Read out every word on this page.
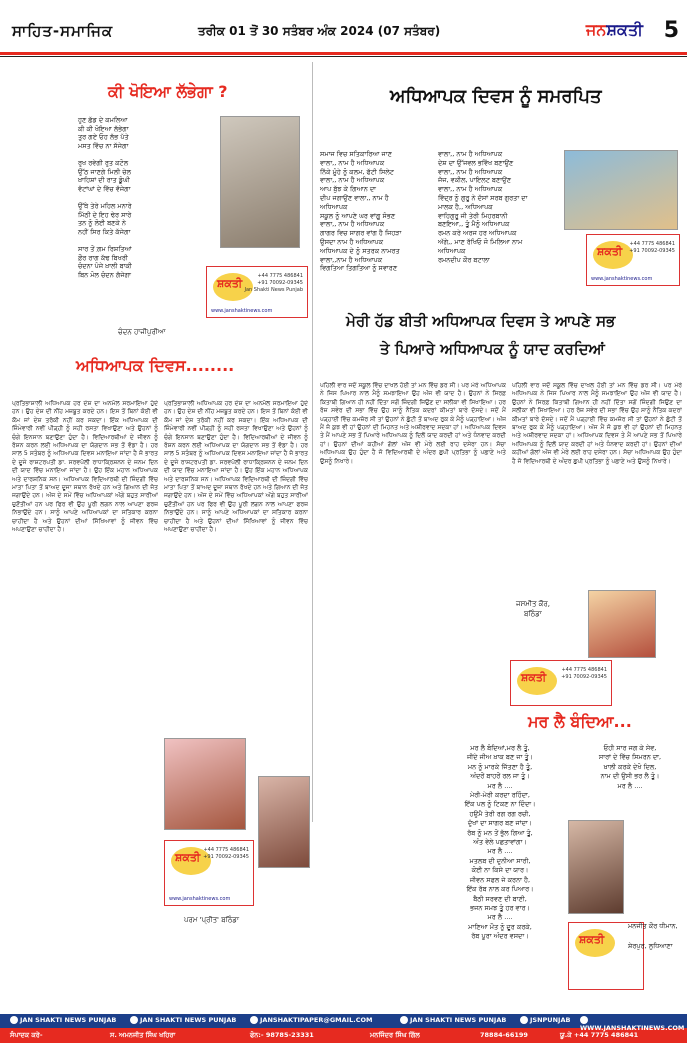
ਸਾਹਿਤ-ਸਮਾਜਿਕ	ਤਰੀਕ 01 ਤੋਂ 30 ਸਤੰਬਰ ਅੰਕ 2024 (07 ਸਤੰਬਰ)	ਜਨਸ਼ਕਤੀ 5
ਕੀ ਖੋਇਆ ਲੱਭੇਗਾ ?
ਹੁਣ ਛੱਡ ਦੇ ਕਮਲਿਆ
ਕੀ ਕੀ ਖੋਇਆ ਲੱਭੇਗਾ
ਤੁਰ ਗਏ ਓਹ ਲੱਭ ਪੱਤੇ
ਮਸਤ ਵਿੱਚ ਨਾ ਸੱਜੇਗਾ

ਰੁਖ ਰਵੇਗੀ ਰੁਤ ਕਟੋਲ
ਉੱਠ ਜਾਣਗੇ ਮਿਲੀ ਚੇਲ
ਖ਼ਾਹਿਸ਼ਾਂ ਦੀ ਰਾਤ ਡੂੰਘੀ
ਵੱਟਾਂਘਾਂ ਦੇ ਵਿੱਚ ਵੱਜੇਗਾ

ਉੱਥੇ ਤੇਰੇ ਮਹਿਲ ਮਨਾਰੇ
ਮਿੱਠੀ ਦੇ ਇਹ ਢੇਰ ਸਾਰੇ
ਤਨ ਨੂੰ ਲੋਈ ਬਣਕੇ ਨੇ
ਨਹੀਂ ਸਿਰ ਕਿਤੇ ਕੱਜੇਗਾ

ਸਾਰ ਤੋਂ ਗ਼ਮ ਰਿਸ਼ਤਿਆਂ
ਫ਼ੌਰ ਰਾਗ ਕੱਢ ਬਿਖਰੀ
ਚੰਦਨਾ ਪੰਜੇ ਖ਼ਾਲੀ ਬਾਕੀ
ਬਿਨ ਮੋਲ ਚੰਦਨ ਗੱਜੇਗਾ
ਸ਼ਕਤੀ
+44 7775 486841
+91 70092-09345
Jan Shakti News Punjab
www.janshaktinews.com
ਚੰਦਨ ਹਾਜੀਪੁਰੀਆ
ਅਧਿਆਪਕ ਦਿਵਸ ਨੂੰ ਸਮਰਪਿਤ
ਸਮਾਜ ਵਿਚ ਸਤਿਕਾਰਿਆ ਜਾਣ
ਵਾਲਾ,, ਨਾਮ ਹੈ ਅਧਿਆਪਕ
ਨਿੱਕੇ ਮੂੰਹੇ ਨੂੰ ਕਲਮ, ਫੱਟੀ ਸਿਲੇਟ
ਵਾਲਾ,, ਨਾਮ ਹੈ ਅਧਿਆਪਕ
ਆਪ ਬੁੱਝ ਕੇ ਗਿਆਨ ਦਾ
ਦੀਪ ਜਗਾਉਂਣ ਵਾਲਾ,, ਨਾਮ ਹੈ
ਅਧਿਆਪਕ
ਸਕੂਲ ਨੂੰ ਆਪਣੇ ਘਰ ਵਾਂਗੂ ਸੰਭਣ
ਵਾਲਾ,, ਨਾਮ ਹੈ ਅਧਿਆਪਕ
ਗਾਗਰ ਵਿਚ ਸਾਗਰ ਵਾਂਗ ਹੈ ਜਿਹੜਾ
ਉਸਦਾ ਨਾਮ ਹੈ ਅਧਿਆਪਕ
ਅਧਿਆਪਕ ਦੇ ਨੂੰ ਸਤਰਕ ਨਾਮਰਤ
ਵਾਲਾ,,ਨਾਮ ਹੈ ਅਧਿਆਪਕ
ਵਿਗਤਿਆ ਤਿਗਤਿਆ ਨੂੰ ਸਵਾਰਣ
ਵਾਲਾ,, ਨਾਮ ਹੈ ਅਧਿਆਪਕ
ਦੇਸ਼ ਦਾ ਉੱਜਵਲ ਭਵਿੱਖ ਬਣਾਉਂਣ
ਵਾਲਾ,, ਨਾਮ ਹੈ ਅਧਿਆਪਕ
ਜੱਜ, ਵਕੀਲ, ਪਾਇਲਟ ਬਣਾਉਂਣ
ਵਾਲਾ,, ਨਾਮ ਹੈ ਅਧਿਆਪਕ
ਵਿੱਦ੍ਰ ਨੂੰ ਗੁਰੂ ਨੇ ਦੱਸਾਂ ਸਰਬ ਗੁਰਤਾ ਦਾ
ਮਾਲਕ ਹੈ,, ਅਧਿਆਪਕ
ਵਾਹਿਗੁਰੂ ਜੀ ਤੇਰੀ ਮਿਹਰਬਾਨੀ
ਬਣਇਆ,, ਤੂੰ ਮੈਨੂੰ ਅਧਿਆਪਕ
ਰਮਨ ਕਰੇ ਅਰਜ ਹਰ ਅਧਿਆਪਕ
ਅੱਗੇ,, ਮਾਣ ਰੱਖਿਓ ਜੋ ਮਿਲਿਆ ਨਾਮ
ਅਧਿਆਪਕ
ਰਮਨਦੀਪ ਕੌਰ ਬਟਾਲਾ
ਸ਼ਕਤੀ
+44 7775 486841
+91 70092-09345
www.janshaktinews.com
ਅਧਿਆਪਕ ਦਿਵਸ........
ਪ੍ਰਤਿਭਾਸ਼ਾਲੀ ਅਧਿਆਪਕ ਹਰ ਦੇਸ਼ ਦਾ ਅਨਮੋਲ ਸਰਮਾਇਆ ਹੁੰਦੇ ਹਨ। ਉਹ ਦੇਸ਼ ਦੀ ਨੀਂਹ ਮਜ਼ਬੂਤ ਕਰਦੇ ਹਨ। ਇਸ ਤੋਂ ਬਿਨਾਂ ਕੋਈ ਵੀ ਕੌਮ ਜਾਂ ਦੇਸ਼ ਤਰੱਕੀ ਨਹੀਂ ਕਰ ਸਕਦਾ। ਇੱਕ ਅਧਿਆਪਕ ਦੀ ਜ਼ਿੰਮੇਵਾਰੀ ਨਵੀਂ ਪੀੜ੍ਹੀ ਨੂੰ ਸਹੀ ਰਸਤਾ ਵਿਖਾਉਣਾ ਅਤੇ ਉਹਨਾਂ ਨੂੰ ਚੰਗੇ ਇਨਸਾਨ ਬਣਾਉਣਾ ਹੁੰਦਾ ਹੈ। ਵਿਦਿਆਰਥੀਆਂ ਦੇ ਜੀਵਨ ਨੂੰ ਰੋਸ਼ਨ ਕਰਨ ਲਈ ਅਧਿਆਪਕ ਦਾ ਯੋਗਦਾਨ ਸਭ ਤੋਂ ਵੱਡਾ ਹੈ। ਹਰ ਸਾਲ 5 ਸਤੰਬਰ ਨੂੰ ਅਧਿਆਪਕ ਦਿਵਸ ਮਨਾਇਆ ਜਾਂਦਾ ਹੈ ਜੋ ਭਾਰਤ ਦੇ ਦੂਜੇ ਰਾਸ਼ਟਰਪਤੀ ਡਾ. ਸਰਵਪੱਲੀ ਰਾਧਾਕ੍ਰਿਸ਼ਨਨ ਦੇ ਜਨਮ ਦਿਨ ਦੀ ਯਾਦ ਵਿੱਚ ਮਨਾਇਆ ਜਾਂਦਾ ਹੈ। ਉਹ ਇੱਕ ਮਹਾਨ ਅਧਿਆਪਕ ਅਤੇ ਦਾਰਸ਼ਨਿਕ ਸਨ। ਅਧਿਆਪਕ ਵਿਦਿਆਰਥੀ ਦੀ ਜ਼ਿੰਦਗੀ ਵਿੱਚ ਮਾਤਾ ਪਿਤਾ ਤੋਂ ਬਾਅਦ ਦੂਜਾ ਸਥਾਨ ਰੱਖਦੇ ਹਨ ਅਤੇ ਗਿਆਨ ਦੀ ਜੋਤ ਜਗਾਉਂਦੇ ਹਨ। ਅੱਜ ਦੇ ਸਮੇਂ ਵਿੱਚ ਅਧਿਆਪਕਾਂ ਅੱਗੇ ਬਹੁਤ ਸਾਰੀਆਂ ਚੁਣੌਤੀਆਂ ਹਨ ਪਰ ਫਿਰ ਵੀ ਉਹ ਪੂਰੀ ਲਗਨ ਨਾਲ ਆਪਣਾ ਫਰਜ਼ ਨਿਭਾਉਂਦੇ ਹਨ। ਸਾਨੂੰ ਆਪਣੇ ਅਧਿਆਪਕਾਂ ਦਾ ਸਤਿਕਾਰ ਕਰਨਾ ਚਾਹੀਦਾ ਹੈ ਅਤੇ ਉਹਨਾਂ ਦੀਆਂ ਸਿੱਖਿਆਵਾਂ ਨੂੰ ਜੀਵਨ ਵਿੱਚ ਅਪਣਾਉਣਾ ਚਾਹੀਦਾ ਹੈ।
ਪ੍ਰਤਿਭਾਸ਼ਾਲੀ ਅਧਿਆਪਕ ਹਰ ਦੇਸ਼ ਦਾ ਅਨਮੋਲ ਸਰਮਾਇਆ ਹੁੰਦੇ ਹਨ। ਉਹ ਦੇਸ਼ ਦੀ ਨੀਂਹ ਮਜ਼ਬੂਤ ਕਰਦੇ ਹਨ। ਇਸ ਤੋਂ ਬਿਨਾਂ ਕੋਈ ਵੀ ਕੌਮ ਜਾਂ ਦੇਸ਼ ਤਰੱਕੀ ਨਹੀਂ ਕਰ ਸਕਦਾ। ਇੱਕ ਅਧਿਆਪਕ ਦੀ ਜ਼ਿੰਮੇਵਾਰੀ ਨਵੀਂ ਪੀੜ੍ਹੀ ਨੂੰ ਸਹੀ ਰਸਤਾ ਵਿਖਾਉਣਾ ਅਤੇ ਉਹਨਾਂ ਨੂੰ ਚੰਗੇ ਇਨਸਾਨ ਬਣਾਉਣਾ ਹੁੰਦਾ ਹੈ। ਵਿਦਿਆਰਥੀਆਂ ਦੇ ਜੀਵਨ ਨੂੰ ਰੋਸ਼ਨ ਕਰਨ ਲਈ ਅਧਿਆਪਕ ਦਾ ਯੋਗਦਾਨ ਸਭ ਤੋਂ ਵੱਡਾ ਹੈ। ਹਰ ਸਾਲ 5 ਸਤੰਬਰ ਨੂੰ ਅਧਿਆਪਕ ਦਿਵਸ ਮਨਾਇਆ ਜਾਂਦਾ ਹੈ ਜੋ ਭਾਰਤ ਦੇ ਦੂਜੇ ਰਾਸ਼ਟਰਪਤੀ ਡਾ. ਸਰਵਪੱਲੀ ਰਾਧਾਕ੍ਰਿਸ਼ਨਨ ਦੇ ਜਨਮ ਦਿਨ ਦੀ ਯਾਦ ਵਿੱਚ ਮਨਾਇਆ ਜਾਂਦਾ ਹੈ। ਉਹ ਇੱਕ ਮਹਾਨ ਅਧਿਆਪਕ ਅਤੇ ਦਾਰਸ਼ਨਿਕ ਸਨ। ਅਧਿਆਪਕ ਵਿਦਿਆਰਥੀ ਦੀ ਜ਼ਿੰਦਗੀ ਵਿੱਚ ਮਾਤਾ ਪਿਤਾ ਤੋਂ ਬਾਅਦ ਦੂਜਾ ਸਥਾਨ ਰੱਖਦੇ ਹਨ ਅਤੇ ਗਿਆਨ ਦੀ ਜੋਤ ਜਗਾਉਂਦੇ ਹਨ। ਅੱਜ ਦੇ ਸਮੇਂ ਵਿੱਚ ਅਧਿਆਪਕਾਂ ਅੱਗੇ ਬਹੁਤ ਸਾਰੀਆਂ ਚੁਣੌਤੀਆਂ ਹਨ ਪਰ ਫਿਰ ਵੀ ਉਹ ਪੂਰੀ ਲਗਨ ਨਾਲ ਆਪਣਾ ਫਰਜ਼ ਨਿਭਾਉਂਦੇ ਹਨ। ਸਾਨੂੰ ਆਪਣੇ ਅਧਿਆਪਕਾਂ ਦਾ ਸਤਿਕਾਰ ਕਰਨਾ ਚਾਹੀਦਾ ਹੈ ਅਤੇ ਉਹਨਾਂ ਦੀਆਂ ਸਿੱਖਿਆਵਾਂ ਨੂੰ ਜੀਵਨ ਵਿੱਚ ਅਪਣਾਉਣਾ ਚਾਹੀਦਾ ਹੈ।
ਸ਼ਕਤੀ
+44 7775 486841
+91 70092-09345
www.janshaktinews.com
ਪਰਮ 'ਪ੍ਰੀਤ' ਬਠਿੰਡਾ
ਮੇਰੀ ਹੱਡ ਬੀਤੀ ਅਧਿਆਪਕ ਦਿਵਸ ਤੇ ਆਪਣੇ ਸਭ
ਤੇ ਪਿਆਰੇ ਅਧਿਆਪਕ ਨੂੰ ਯਾਦ ਕਰਦਿਆਂ
ਪਹਿਲੀ ਵਾਰ ਜਦੋਂ ਸਕੂਲ ਵਿੱਚ ਦਾਖਲ ਹੋਈ ਤਾਂ ਮਨ ਵਿੱਚ ਡਰ ਸੀ। ਪਰ ਮੇਰੇ ਅਧਿਆਪਕ ਨੇ ਜਿਸ ਪਿਆਰ ਨਾਲ ਮੈਨੂੰ ਸਮਝਾਇਆ ਉਹ ਅੱਜ ਵੀ ਯਾਦ ਹੈ। ਉਹਨਾਂ ਨੇ ਸਿਰਫ਼ ਕਿਤਾਬੀ ਗਿਆਨ ਹੀ ਨਹੀਂ ਦਿੱਤਾ ਸਗੋਂ ਜ਼ਿੰਦਗੀ ਜਿਉਣ ਦਾ ਸਲੀਕਾ ਵੀ ਸਿਖਾਇਆ। ਹਰ ਰੋਜ਼ ਸਵੇਰ ਦੀ ਸਭਾ ਵਿੱਚ ਉਹ ਸਾਨੂੰ ਨੈਤਿਕ ਕਦਰਾਂ ਕੀਮਤਾਂ ਬਾਰੇ ਦੱਸਦੇ। ਜਦੋਂ ਮੈਂ ਪੜ੍ਹਾਈ ਵਿੱਚ ਕਮਜ਼ੋਰ ਸੀ ਤਾਂ ਉਹਨਾਂ ਨੇ ਛੁੱਟੀ ਤੋਂ ਬਾਅਦ ਰੁਕ ਕੇ ਮੈਨੂੰ ਪੜ੍ਹਾਇਆ। ਅੱਜ ਮੈਂ ਜੋ ਕੁਝ ਵੀ ਹਾਂ ਉਹਨਾਂ ਦੀ ਮਿਹਨਤ ਅਤੇ ਅਸ਼ੀਰਵਾਦ ਸਦਕਾ ਹਾਂ। ਅਧਿਆਪਕ ਦਿਵਸ ਤੇ ਮੈਂ ਆਪਣੇ ਸਭ ਤੋਂ ਪਿਆਰੇ ਅਧਿਆਪਕ ਨੂੰ ਦਿਲੋਂ ਯਾਦ ਕਰਦੀ ਹਾਂ ਅਤੇ ਧੰਨਵਾਦ ਕਰਦੀ ਹਾਂ। ਉਹਨਾਂ ਦੀਆਂ ਕਹੀਆਂ ਗੱਲਾਂ ਅੱਜ ਵੀ ਮੇਰੇ ਲਈ ਰਾਹ ਦਸੇਰਾ ਹਨ। ਸੱਚਾ ਅਧਿਆਪਕ ਉਹ ਹੁੰਦਾ ਹੈ ਜੋ ਵਿਦਿਆਰਥੀ ਦੇ ਅੰਦਰ ਛੁਪੀ ਪ੍ਰਤਿਭਾ ਨੂੰ ਪਛਾਣੇ ਅਤੇ ਉਸਨੂੰ ਨਿਖਾਰੇ।
ਪਹਿਲੀ ਵਾਰ ਜਦੋਂ ਸਕੂਲ ਵਿੱਚ ਦਾਖਲ ਹੋਈ ਤਾਂ ਮਨ ਵਿੱਚ ਡਰ ਸੀ। ਪਰ ਮੇਰੇ ਅਧਿਆਪਕ ਨੇ ਜਿਸ ਪਿਆਰ ਨਾਲ ਮੈਨੂੰ ਸਮਝਾਇਆ ਉਹ ਅੱਜ ਵੀ ਯਾਦ ਹੈ। ਉਹਨਾਂ ਨੇ ਸਿਰਫ਼ ਕਿਤਾਬੀ ਗਿਆਨ ਹੀ ਨਹੀਂ ਦਿੱਤਾ ਸਗੋਂ ਜ਼ਿੰਦਗੀ ਜਿਉਣ ਦਾ ਸਲੀਕਾ ਵੀ ਸਿਖਾਇਆ। ਹਰ ਰੋਜ਼ ਸਵੇਰ ਦੀ ਸਭਾ ਵਿੱਚ ਉਹ ਸਾਨੂੰ ਨੈਤਿਕ ਕਦਰਾਂ ਕੀਮਤਾਂ ਬਾਰੇ ਦੱਸਦੇ। ਜਦੋਂ ਮੈਂ ਪੜ੍ਹਾਈ ਵਿੱਚ ਕਮਜ਼ੋਰ ਸੀ ਤਾਂ ਉਹਨਾਂ ਨੇ ਛੁੱਟੀ ਤੋਂ ਬਾਅਦ ਰੁਕ ਕੇ ਮੈਨੂੰ ਪੜ੍ਹਾਇਆ। ਅੱਜ ਮੈਂ ਜੋ ਕੁਝ ਵੀ ਹਾਂ ਉਹਨਾਂ ਦੀ ਮਿਹਨਤ ਅਤੇ ਅਸ਼ੀਰਵਾਦ ਸਦਕਾ ਹਾਂ। ਅਧਿਆਪਕ ਦਿਵਸ ਤੇ ਮੈਂ ਆਪਣੇ ਸਭ ਤੋਂ ਪਿਆਰੇ ਅਧਿਆਪਕ ਨੂੰ ਦਿਲੋਂ ਯਾਦ ਕਰਦੀ ਹਾਂ ਅਤੇ ਧੰਨਵਾਦ ਕਰਦੀ ਹਾਂ। ਉਹਨਾਂ ਦੀਆਂ ਕਹੀਆਂ ਗੱਲਾਂ ਅੱਜ ਵੀ ਮੇਰੇ ਲਈ ਰਾਹ ਦਸੇਰਾ ਹਨ। ਸੱਚਾ ਅਧਿਆਪਕ ਉਹ ਹੁੰਦਾ ਹੈ ਜੋ ਵਿਦਿਆਰਥੀ ਦੇ ਅੰਦਰ ਛੁਪੀ ਪ੍ਰਤਿਭਾ ਨੂੰ ਪਛਾਣੇ ਅਤੇ ਉਸਨੂੰ ਨਿਖਾਰੇ।
ਜਸਮੀਤ ਕੌਰ,
ਬਠਿੰਡਾ
ਸ਼ਕਤੀ
+44 7775 486841
+91 70092-09345
ਮਰ ਲੈ ਬੰਦਿਆ...
ਮਰ ਲੈ ਬੰਦਿਆਂ,ਮਰ ਲੈ ਤੂੰ,
ਜੀਂਦੇ ਜੀਅ ਖ਼ਾਕ ਬਣ ਜਾ ਤੂੰ।
ਮਨ ਨੂੰ ਮਾਰਕੇ ਜਿੱਤਣਾ ਹੈ ਤੂੰ,
ਅੰਦਰੋਂ ਬਾਹਰੋਂ ਰਲ ਜਾ ਤੂੰ।
ਮਰ ਲੈ ....
ਮੇਰੀ-ਮੇਰੀ ਕਰਦਾ ਰਹਿੰਦਾ,
ਇੱਕ ਪਲ ਨੂੰ ਟਿਕਣ ਨਾ ਦਿੰਦਾ।
ਹਉਮੈ ਤੇਰੀ ਰਗ ਰਗ ਰਚੀ,
ਦੁੱਖਾਂ ਦਾ ਸਾਗਰ ਬਣ ਜਾਂਦਾ।
ਰੱਬ ਨੂੰ ਮਨ ਤੋਂ ਭੁੱਲ ਗਿਆ ਤੂੰ,
ਅੰਤ ਵੇਲੇ ਪਛਤਾਵਾਂਗਾ।
ਮਰ ਲੈ ....
ਮਤਲਬ ਦੀ ਦੁਨੀਆ ਸਾਰੀ,
ਕੋਈ ਨਾ ਕਿਸੇ ਦਾ ਯਾਰ।
ਜੀਵਨ ਸਫਲ ਜੇ ਕਰਨਾ ਹੈ,
ਇੱਕ ਰੱਬ ਨਾਲ ਕਰ ਪਿਆਰ।
ਬੈਠੀ ਸਰਵਣ ਦੀ ਬਾਣੀ,
ਭਜਨ ਸਮਝ ਤੂੰ ਹਰ ਵਾਰ।
ਮਰ ਲੈ ....
ਮਾਣਿਆ ਮੌਤ ਨੂੰ ਦੂਰ ਕਰਕੇ,
ਰੱਬ ਪੂਰਾ ਅੰਦਰ ਵਸਦਾ।
ਓਹੀ ਸਾਰ ਜਗ ਕੇ ਸੇਵ,
ਸਾਰਾਂ ਦੇ ਵਿੱਚ ਸਿਮਰਨ ਦਾ,
ਖ਼ਾਲੀ ਕਰਕੇ ਦੇਖੋ ਦਿਲ,
ਨਾਮ ਦੀ ਉਸੀ ਭਰ ਲੈ ਤੂੰ।
ਮਰ ਲੈ ....
ਸ਼ਕਤੀ
ਮਨਜੀਤ ਕੌਰ ਧੀਮਾਨ,
ਸ਼ੇਰਪੁਰ, ਲੁਧਿਆਣਾ
JAN SHAKTI NEWS PUNJAB	JAN SHAKTI NEWS PUNJAB	JANSHAKTIPAPER@GMAIL.COM	JAN SHAKTI NEWS PUNJAB	JSNPUNJAB
WWW.JANSHAKTINEWS.COM
ਸੰਪਾਦਕ ਕਰੇ-	ਸ. ਅਮਨਜੀਤ ਸਿੰਘ ਖਹਿਰਾ	ਫੋਨ:- 98785-23331	ਮਨਜਿੰਦਰ ਸਿੰਘ ਗਿੱਲ	78884-66199	ਯੂ.ਕੇ +44 7775 486841
